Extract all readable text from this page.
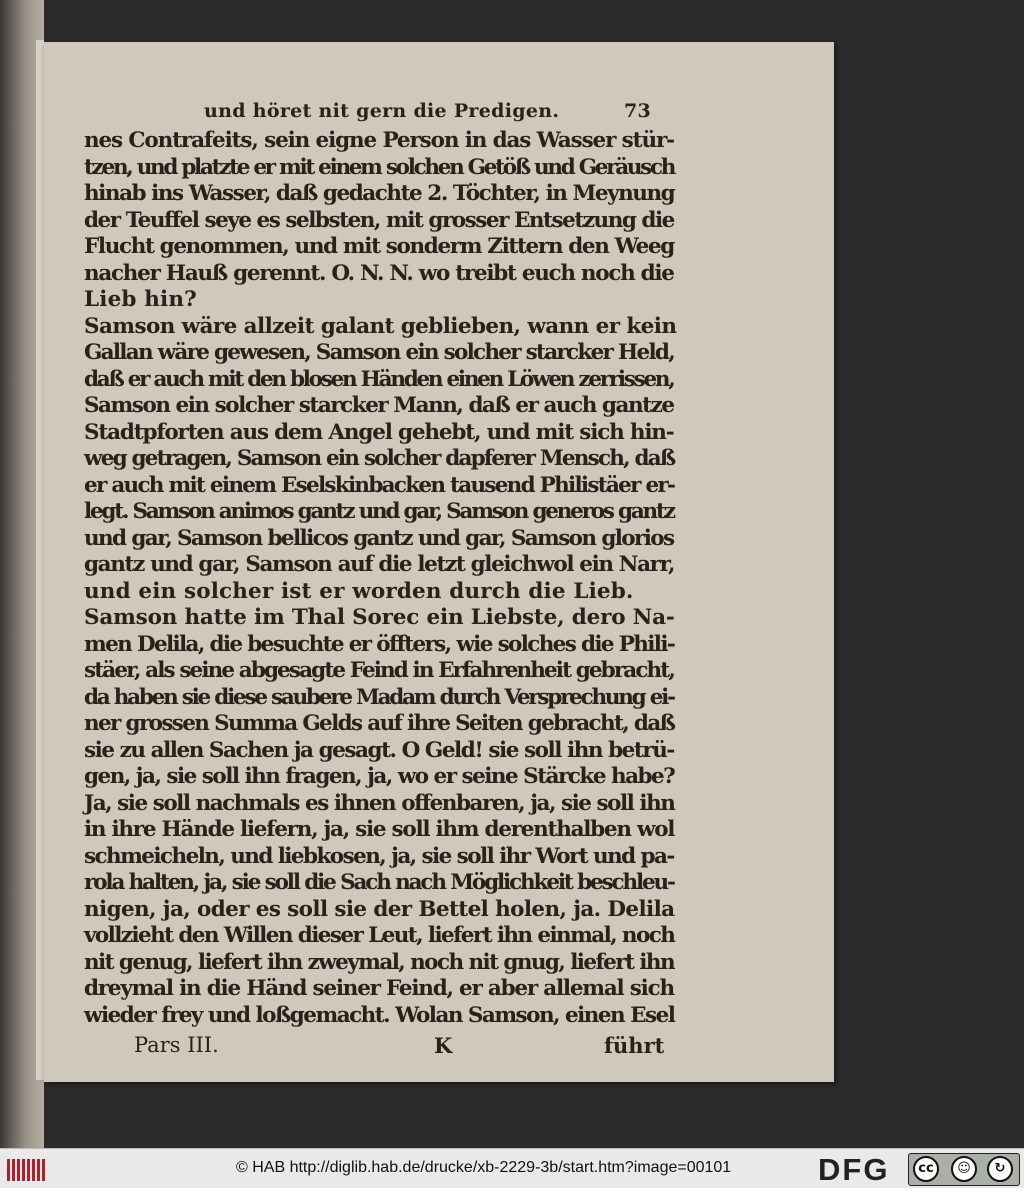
und höret nit gern die Predigen.	73
nes Contrafeits, sein eigne Person in das Wasser stür-
tzen, und platzte er mit einem solchen Getöß und Geräusch
hinab ins Wasser, daß gedachte 2. Töchter, in Meynung
der Teuffel seye es selbsten, mit grosser Entsetzung die
Flucht genommen, und mit sonderm Zittern den Weeg
nacher Hauß gerennt. O. N. N. wo treibt euch noch die
Lieb hin?
Samson wäre allzeit galant geblieben, wann er kein
Gallan wäre gewesen, Samson ein solcher starcker Held,
daß er auch mit den blosen Händen einen Löwen zerrissen,
Samson ein solcher starcker Mann, daß er auch gantze
Stadtpforten aus dem Angel gehebt, und mit sich hin-
weg getragen, Samson ein solcher dapferer Mensch, daß
er auch mit einem Eselskinbacken tausend Philistäer er-
legt. Samson animos gantz und gar, Samson generos gantz
und gar, Samson bellicos gantz und gar, Samson glorios
gantz und gar, Samson auf die letzt gleichwol ein Narr,
und ein solcher ist er worden durch die Lieb.
Samson hatte im Thal Sorec ein Liebste, dero Na-
men Delila, die besuchte er öffters, wie solches die Phili-
stäer, als seine abgesagte Feind in Erfahrenheit gebracht,
da haben sie diese saubere Madam durch Versprechung ei-
ner grossen Summa Gelds auf ihre Seiten gebracht, daß
sie zu allen Sachen ja gesagt. O Geld! sie soll ihn betrü-
gen, ja, sie soll ihn fragen, ja, wo er seine Stärcke habe?
Ja, sie soll nachmals es ihnen offenbaren, ja, sie soll ihn
in ihre Hände liefern, ja, sie soll ihm derenthalben wol
schmeicheln, und liebkosen, ja, sie soll ihr Wort und pa-
rola halten, ja, sie soll die Sach nach Möglichkeit beschleu-
nigen, ja, oder es soll sie der Bettel holen, ja. Delila
vollzieht den Willen dieser Leut, liefert ihn einmal, noch
nit genug, liefert ihn zweymal, noch nit gnug, liefert ihn
dreymal in die Händ seiner Feind, er aber allemal sich
wieder frey und loßgemacht. Wolan Samson, einen Esel
Pars III.	K	führt
© HAB http://diglib.hab.de/drucke/xb-2229-3b/start.htm?image=00101	DFG	cc	☺	↻
